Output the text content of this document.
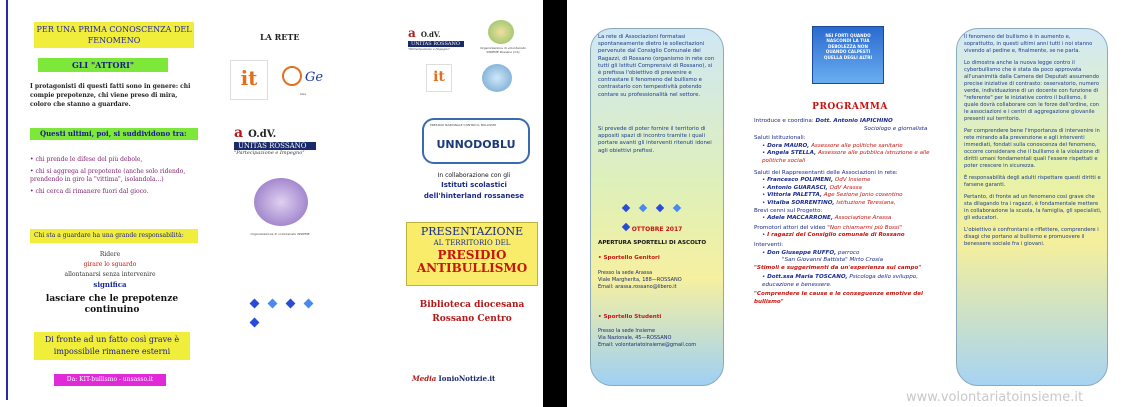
PER UNA PRIMA CONOSCENZA DEL FENOMENO
GLI "ATTORI"
I protagonisti di questi fatti sono in genere: chi compie prepotenze, chi viene preso di mira, coloro che stanno a guardare.
Questi ultimi, poi, si suddividono tra:
• chi prende le difese del più debole,
• chi si aggrega al prepotente (anche solo ridendo, prendendo in giro la "vittima", isolandola...)
• chi cerca di rimanere fuori dal gioco.
Chi sta a guardare ha una grande responsabilità:
Ridere
girare lo sguardo
allontanarsi senza intervenire
significa
lasciare che le prepotenze continuino
Di fronte ad un fatto così grave è impossibile rimanere esterni
Da: KIT-bullismo - unsasso.it
LA RETE
it	Ge
AGe
a O.dV.
UNITAS ROSSANO
"Partecipazione e Impegno"
Organizzazione di volontariato INSIEME

a O.dV.
UNITAS ROSSANO
"Partecipazione e Impegno"	Organizzazione di volontariato INSIEME Rossano (CS)
it
PRESIDIO NAZIONALE CONTRO IL BULLISMO
UNNODOBLU
In collaborazione con gli
Istituti scolastici
dell'hinterland rossanese
PRESENTAZIONE
AL TERRITORIO DEL
PRESIDIO ANTIBULLISMO
Biblioteca diocesana
Rossano Centro
Media IonioNotizie.it
La rete di Associazioni formatasi spontaneamente dietro le sollecitazioni pervenute dal Consiglio Comunale dei Ragazzi, di Rossano (organismo in rete con tutti gli Istituti Comprensivi di Rossano), si è prefissa l'obiettivo di prevenire e contrastare il fenomeno del bullismo e contrastarlo con tempestività potendo contare su professionalità nel settore.
Si prevede di poter fornire il territorio di appositi spazi di incontro tramite i quali portare avanti gli interventi ritenuti idonei agli obiettivi prefissi.

OTTOBRE 2017
APERTURA SPORTELLI DI ASCOLTO
• Sportello Genitori
Presso la sede Arassa
Viale Margherita, 188—ROSSANO
Email: arassa.rossano@libero.it
• Sportello Studenti
Presso la sede Insieme
Via Nazionale, 45—ROSSANO
Email: volontariatoinsieme@gmail.com
NEI FORTI QUANDO NASCONDI LA TUA DEBOLEZZA NON QUANDO CALPESTI QUELLA DEGLI ALTRI
PROGRAMMA
Introduce e coordina: Dott. Antonio IAPICHINO
Sociologo e giornalista
Saluti Istituzionali:
• Dora MAURO, Assessore alle politiche sanitarie
• Angela STELLA, Assessore alle pubblica istruzione e alle politiche sociali
Saluti dei Rappresentanti delle Associazioni in rete:
• Francesco POLIMENI, OdV Insieme
• Antonio GUARASCI, OdV Arassa
• Vittoria PALETTA, Age Sezione Jonio cosentino
• Vitalba SORRENTINO, Istituzione Teresiana,
Brevi cenni sul Progetto:
• Adele MACCARRONE, Associazione Arassa
Promotori attori del video "Non chiamarmi più Bossi"
• I ragazzi del Consiglio comunale di Rossano
Interventi:
• Don Giuseppe RUFFO, parroco
"San Giovanni Battista" Mirto Crosia
"Stimoli e suggerimenti da un'esperienza sul campo"
• Dott.ssa Maria TOSCANO, Psicologa dello sviluppo, educazione e benessere.
"Comprendere le cause e le conseguenze emotive del bullismo"
Il fenomeno del bullismo è in aumento e, soprattutto, in questi ultimi anni tutti i noi stanno vivendo al pedine e, finalmente, se ne parla.
Lo dimostra anche la nuova legge contro il cyberbullismo che è stata da poco approvata all'unanimità dalla Camera dei Deputati assumendo precise iniziative di contrasto: osservatorio, numero verde, individuazione di un docente con funzione di "referente" per le iniziative contro il bullismo, il quale dovrà collaborare con le forze dell'ordine, con le associazioni e i centri di aggregazione giovanile presenti sul territorio.
Per comprendere bene l'importanza di intervenire in rete mirando alla prevenzione e agli interventi immediati, fondati sulla conoscenza del fenomeno, occorre considerare che il bullismo è la violazione di diritti umani fondamentali quali l'essere rispettati e poter crescere in sicurezza.
È responsabilità degli adulti rispettare questi diritti e farsene garanti.
Pertanto, di fronte ad un fenomeno così grave che sta dilagando tra i ragazzi, è fondamentale mettere in collaborazione la scuola, la famiglia, gli specialisti, gli educatori.
L'obiettivo è confrontarsi e riflettere, comprendere i disagi che portano al bullismo e promuovere il benessere sociale fra i giovani.
www.volontariatoinsieme.it
